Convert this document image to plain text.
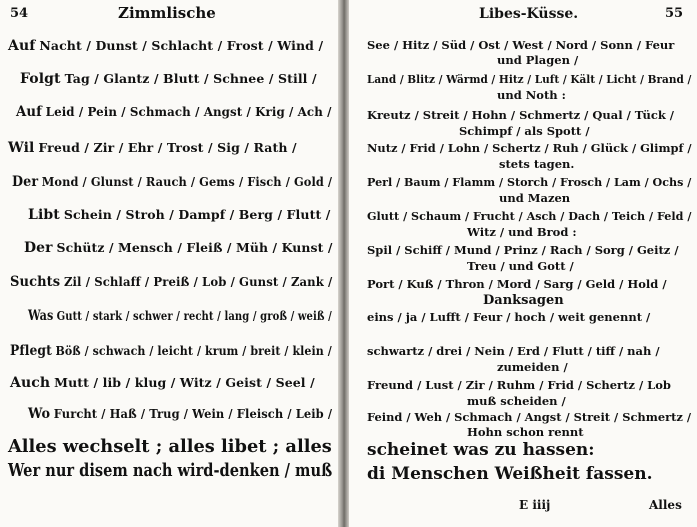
54	Zimmlische
Auf Nacht / Dunst / Schlacht / Frost / Wind /
Folgt Tag / Glantz / Blutt / Schnee / Still /
Auf Leid / Pein / Schmach / Angst / Krig / Ach /
Wil Freud / Zir / Ehr / Trost / Sig / Rath /
Der Mond / Glunst / Rauch / Gems / Fisch / Gold /
Libt Schein / Stroh / Dampf / Berg / Flutt /
Der Schütz / Mensch / Fleiß / Müh / Kunst /
Suchts Zil / Schlaff / Preiß / Lob / Gunst / Zank /
Was Gutt / stark / schwer / recht / lang / groß / weiß /
Pflegt Böß / schwach / leicht / krum / breit / klein /
Auch Mutt / lib / klug / Witz / Geist / Seel /
Wo Furcht / Haß / Trug / Wein / Fleisch / Leib /
Alles wechselt ; alles libet ; alles
Wer nur disem nach wird-denken / muß
Libes-Küsse.	55
See / Hitz / Süd / Ost / West / Nord / Sonn / Feur
und Plagen /
Land / Blitz / Wärmd / Hitz / Luft / Kält / Licht / Brand /
und Noth :
Kreutz / Streit / Hohn / Schmertz / Qual / Tück /
Schimpf / als Spott /
Nutz / Frid / Lohn / Schertz / Ruh / Glück / Glimpf /
stets tagen.
Perl / Baum / Flamm / Storch / Frosch / Lam / Ochs /
und Mazen
Glutt / Schaum / Frucht / Asch / Dach / Teich / Feld /
Witz / und Brod :
Spil / Schiff / Mund / Prinz / Rach / Sorg / Geitz /
Treu / und Gott /
Port / Kuß / Thron / Mord / Sarg / Geld / Hold /
Danksagen
eins / ja / Lufft / Feur / hoch / weit genennt /
schwartz / drei / Nein / Erd / Flutt / tiff / nah /
zumeiden /
Freund / Lust / Zir / Ruhm / Frid / Schertz / Lob
muß scheiden /
Feind / Weh / Schmach / Angst / Streit / Schmertz /
Hohn schon rennt
scheinet was zu hassen:
di Menschen Weißheit fassen.
E iiij	Alles
